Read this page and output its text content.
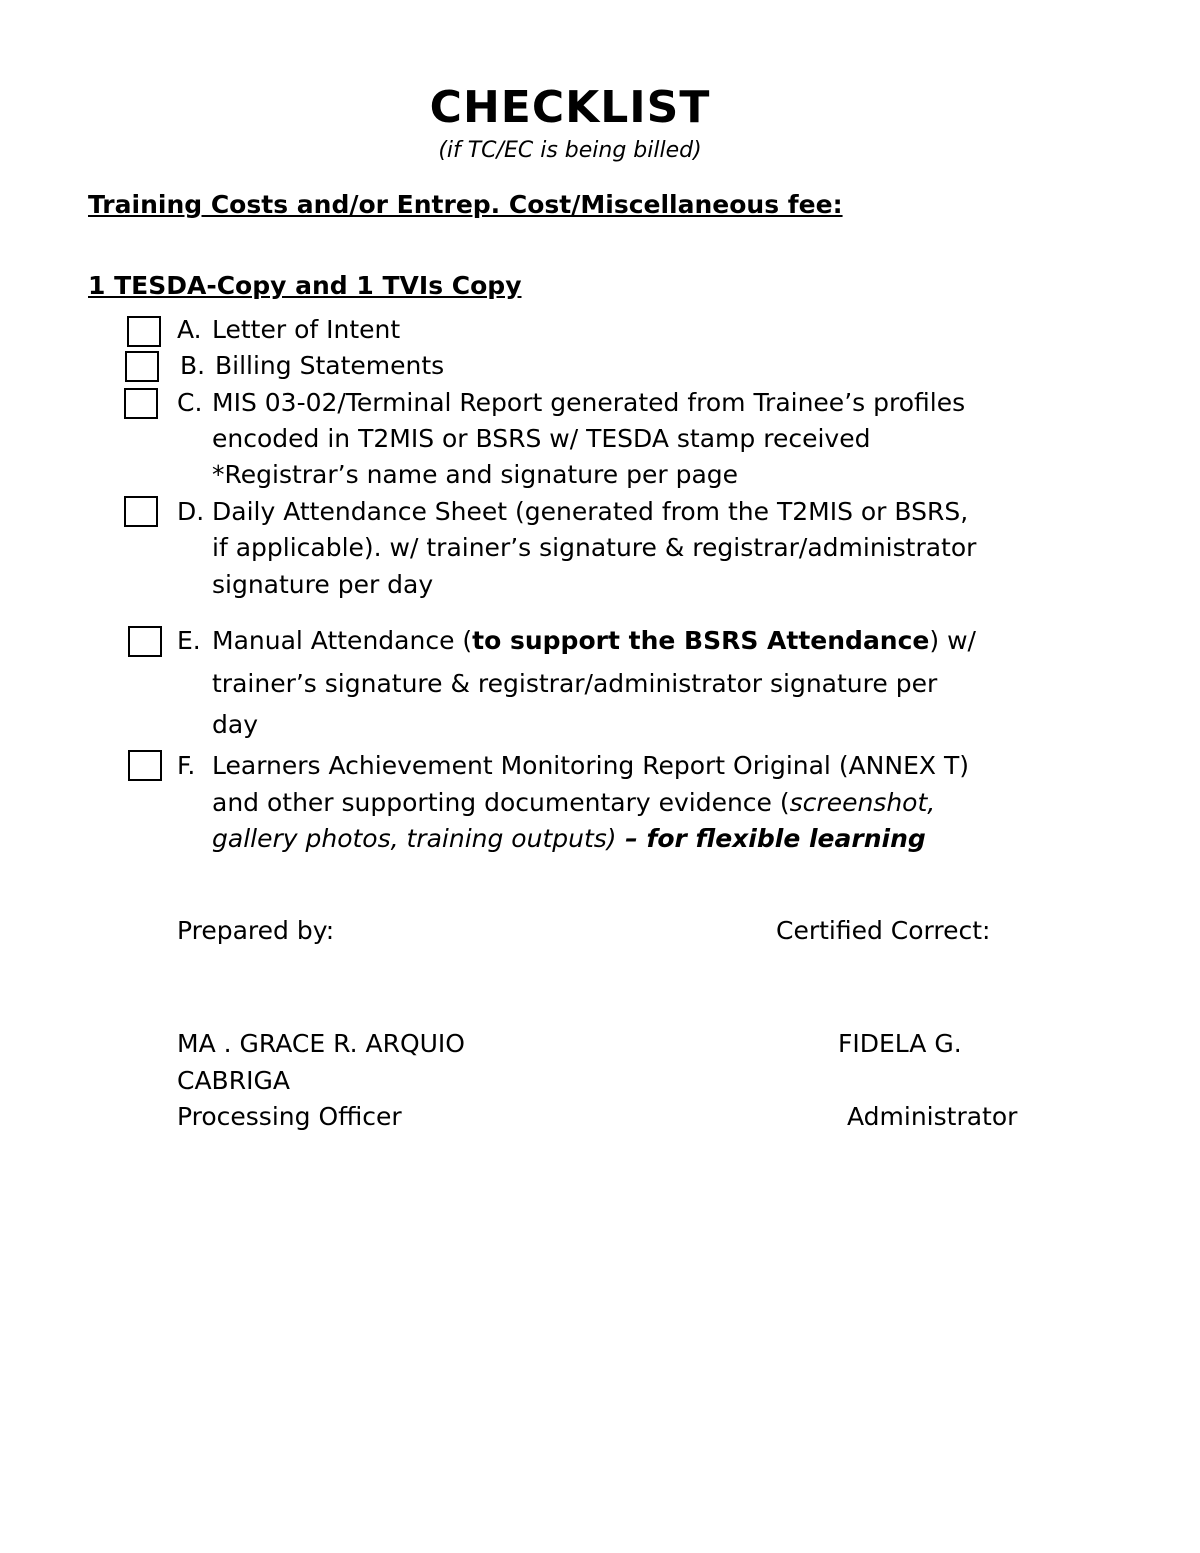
CHECKLIST
(if TC/EC is being billed)
Training Costs and/or Entrep. Cost/Miscellaneous fee:
1 TESDA-Copy and 1 TVIs Copy
A. Letter of Intent
B. Billing Statements
C. MIS 03-02/Terminal Report generated from Trainee’s profiles
encoded in T2MIS or BSRS w/ TESDA stamp received
*Registrar’s name and signature per page
D. Daily Attendance Sheet (generated from the T2MIS or BSRS,
if applicable). w/ trainer’s signature & registrar/administrator
signature per day
E. Manual Attendance (to support the BSRS Attendance) w/
trainer’s signature & registrar/administrator signature per
day
F. Learners Achievement Monitoring Report Original (ANNEX T)
and other supporting documentary evidence (screenshot,
gallery photos, training outputs) – for flexible learning
Prepared by:	Certified Correct:
MA . GRACE R. ARQUIO	FIDELA G.
CABRIGA
Processing Officer	Administrator
